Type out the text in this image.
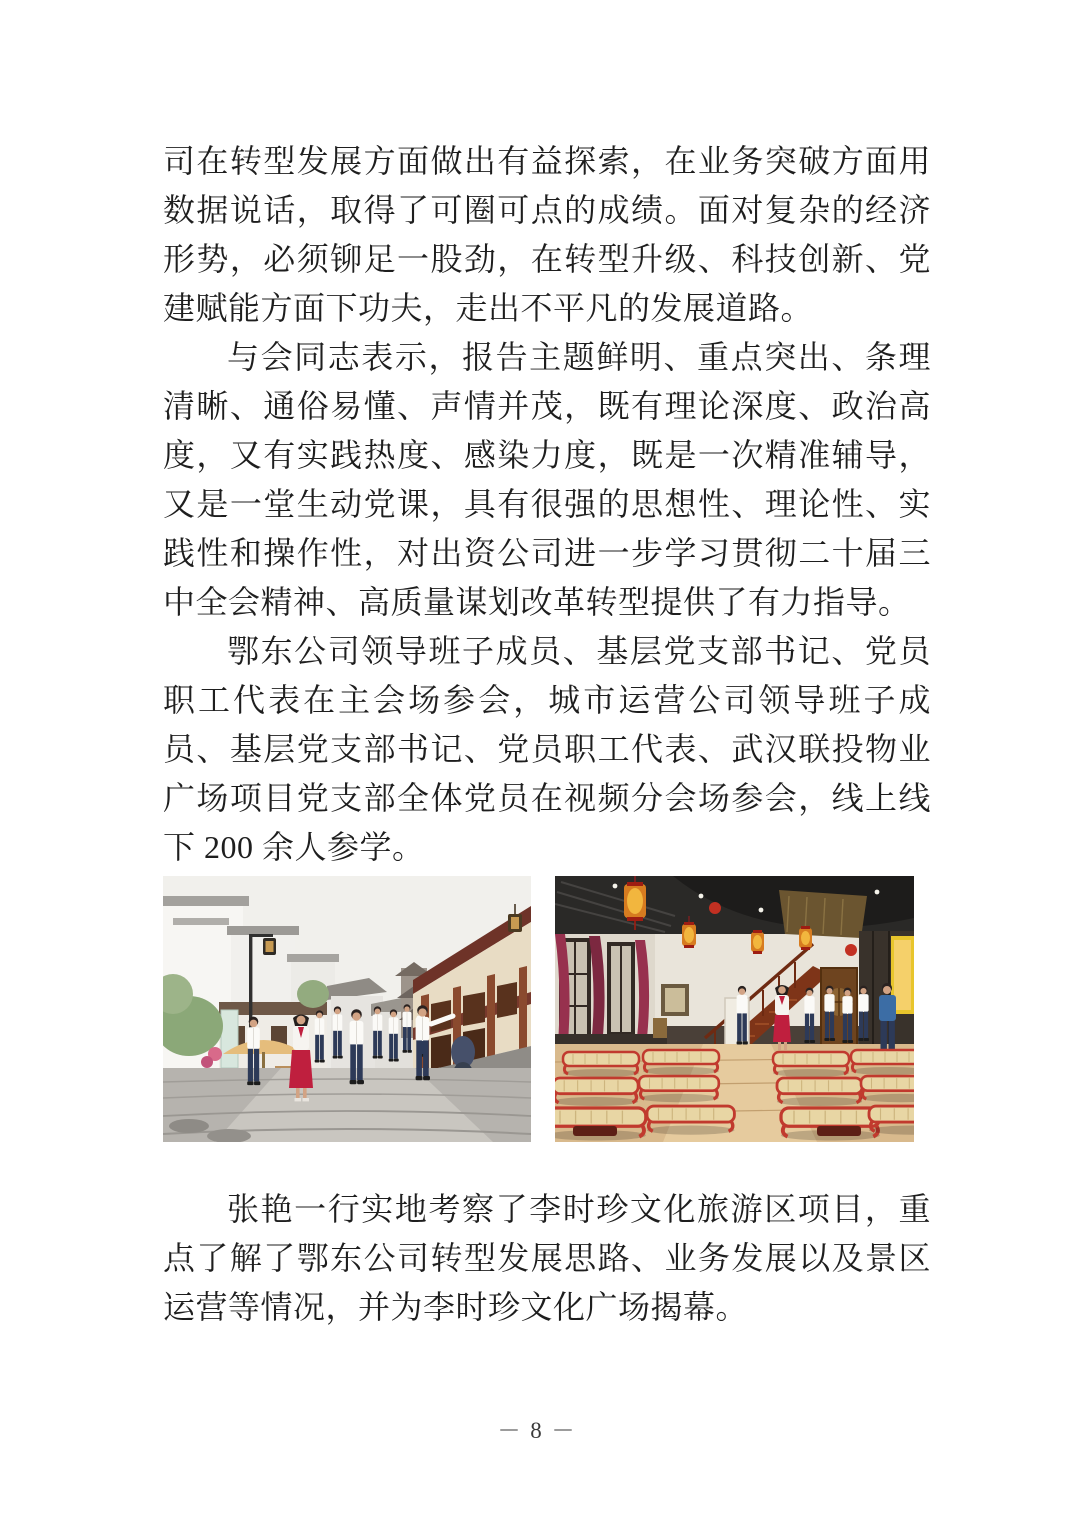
司在转型发展方面做出有益探索，在业务突破方面用数据说话，取得了可圈可点的成绩。面对复杂的经济形势，必须铆足一股劲，在转型升级、科技创新、党建赋能方面下功夫，走出不平凡的发展道路。

与会同志表示，报告主题鲜明、重点突出、条理清晰、通俗易懂、声情并茂，既有理论深度、政治高度，又有实践热度、感染力度，既是一次精准辅导，又是一堂生动党课，具有很强的思想性、理论性、实践性和操作性，对出资公司进一步学习贯彻二十届三中全会精神、高质量谋划改革转型提供了有力指导。

鄂东公司领导班子成员、基层党支部书记、党员职工代表在主会场参会，城市运营公司领导班子成员、基层党支部书记、党员职工代表、武汉联投物业广场项目党支部全体党员在视频分会场参会，线上线下 200 余人参学。

张艳一行实地考察了李时珍文化旅游区项目，重点了解了鄂东公司转型发展思路、业务发展以及景区运营等情况，并为李时珍文化广场揭幕。

－ 8 －
